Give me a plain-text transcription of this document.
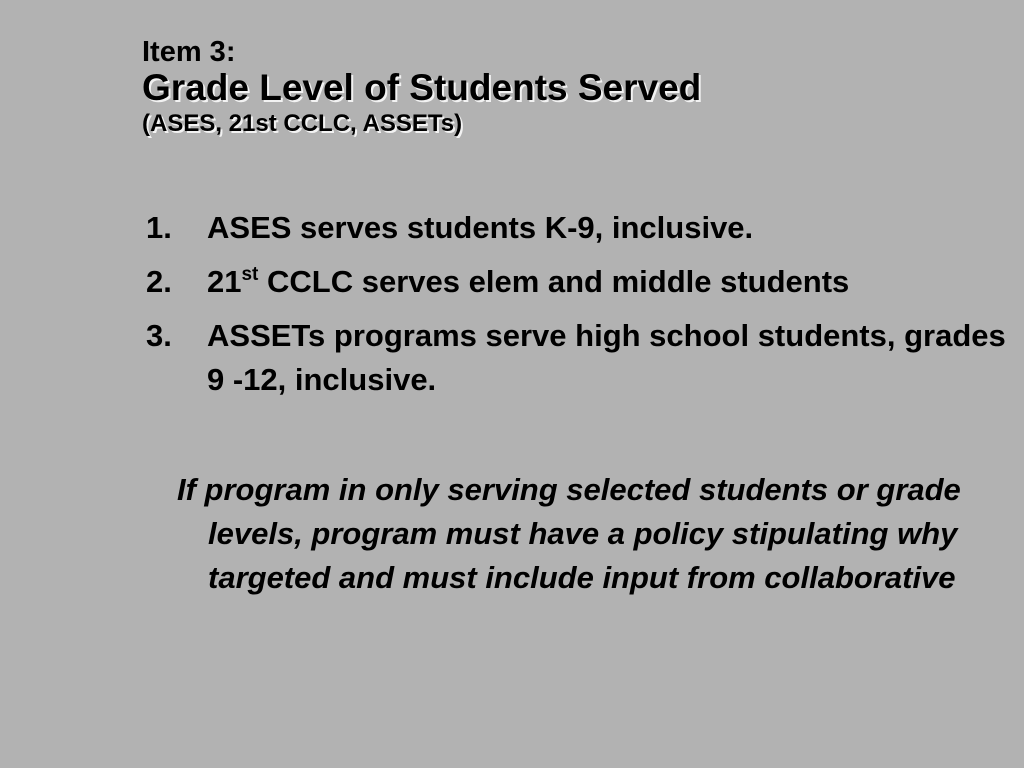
Item 3:
Grade Level of Students Served
(ASES, 21st CCLC, ASSETs)
1. ASES serves students K-9, inclusive.
2. 21st CCLC serves elem and middle students
3. ASSETs programs serve high school students, grades 9 -12, inclusive.
If program in only serving selected students or grade levels, program must have a policy stipulating why targeted and must include input from collaborative
